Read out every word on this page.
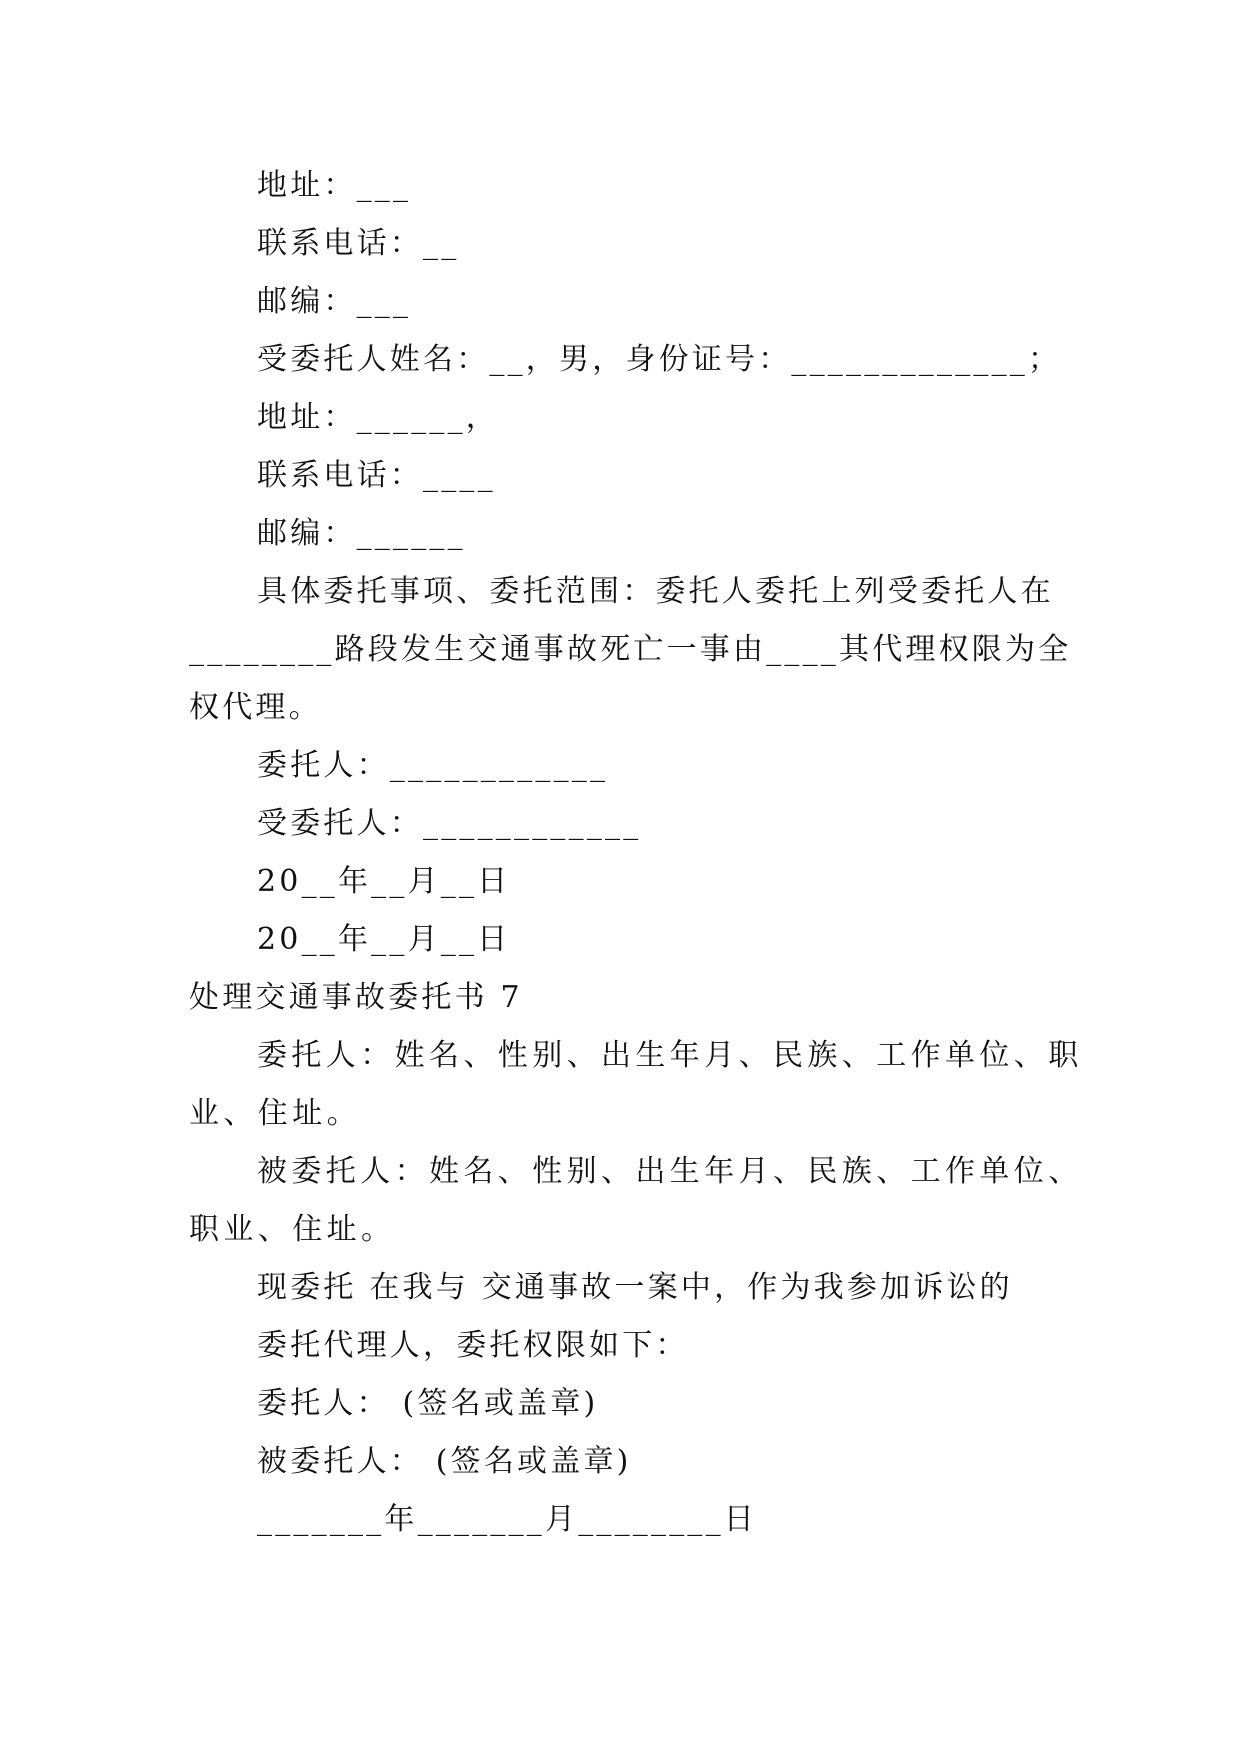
地址：___
联系电话：__
邮编：___
受委托人姓名：__，男，身份证号：_____________；
地址：______，
联系电话：____
邮编：______
具体委托事项、委托范围：委托人委托上列受委托人在
________路段发生交通事故死亡一事由____其代理权限为全
权代理。
委托人：____________
受委托人：____________
20__年__月__日
20__年__月__日
处理交通事故委托书 7
委托人：姓名、性别、出生年月、民族、工作单位、职
业、住址。
被委托人：姓名、性别、出生年月、民族、工作单位、
职业、住址。
现委托 在我与 交通事故一案中，作为我参加诉讼的
委托代理人，委托权限如下：
委托人： (签名或盖章)
被委托人： (签名或盖章)
_______年_______月________日
